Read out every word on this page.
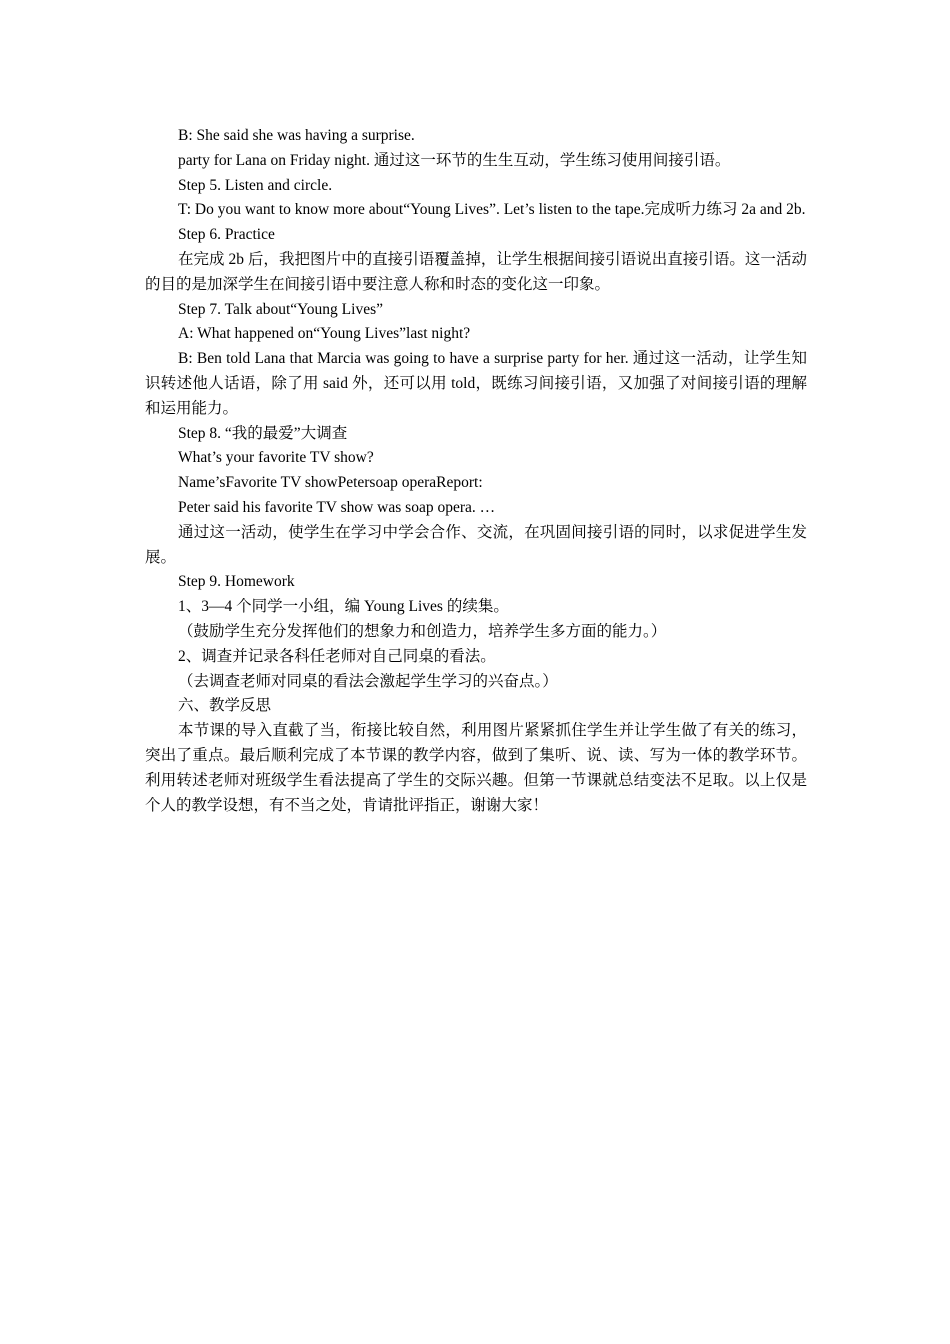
B: She said she was having a surprise.

party for Lana on Friday night. 通过这一环节的生生互动，学生练习使用间接引语。

Step 5. Listen and circle.

T: Do you want to know more about“Young Lives”. Let’s listen to the tape.完成听力练习 2a and 2b.

Step 6. Practice

在完成 2b 后，我把图片中的直接引语覆盖掉，让学生根据间接引语说出直接引语。这一活动的目的是加深学生在间接引语中要注意人称和时态的变化这一印象。

Step 7. Talk about“Young Lives”

A: What happened on“Young Lives”last night?

B: Ben told Lana that Marcia was going to have a surprise party for her. 通过这一活动，让学生知识转述他人话语，除了用 said 外，还可以用 told，既练习间接引语，又加强了对间接引语的理解和运用能力。

Step 8. “我的最爱”大调查

What’s your favorite TV show?

Name’sFavorite TV showPetersoap operaReport:

Peter said his favorite TV show was soap opera. …

通过这一活动，使学生在学习中学会合作、交流，在巩固间接引语的同时，以求促进学生发展。

Step 9. Homework

1、3—4 个同学一小组，编 Young Lives 的续集。

（鼓励学生充分发挥他们的想象力和创造力，培养学生多方面的能力。）

2、调查并记录各科任老师对自己同桌的看法。

（去调查老师对同桌的看法会激起学生学习的兴奋点。）

六、教学反思

本节课的导入直截了当，衔接比较自然，利用图片紧紧抓住学生并让学生做了有关的练习，突出了重点。最后顺利完成了本节课的教学内容，做到了集听、说、读、写为一体的教学环节。利用转述老师对班级学生看法提高了学生的交际兴趣。但第一节课就总结变法不足取。以上仅是个人的教学设想，有不当之处，肯请批评指正，谢谢大家！
